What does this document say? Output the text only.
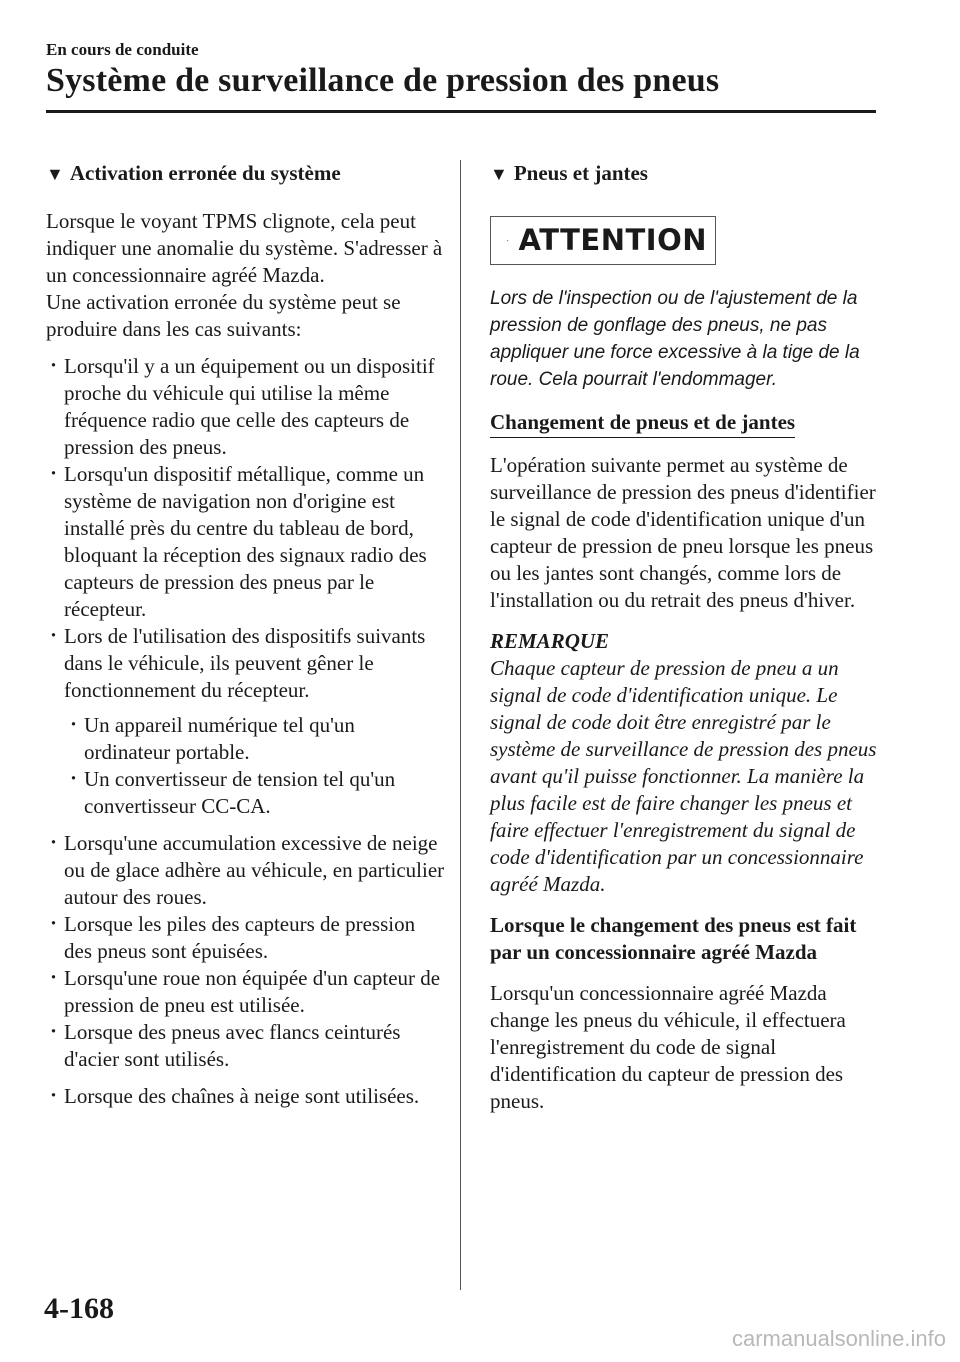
En cours de conduite
Système de surveillance de pression des pneus
▼ Activation erronée du système

Lorsque le voyant TPMS clignote, cela peut indiquer une anomalie du système. S'adresser à un concessionnaire agréé Mazda.

Une activation erronée du système peut se produire dans les cas suivants:

· Lorsqu'il y a un équipement ou un dispositif proche du véhicule qui utilise la même fréquence radio que celle des capteurs de pression des pneus.
· Lorsqu'un dispositif métallique, comme un système de navigation non d'origine est installé près du centre du tableau de bord, bloquant la réception des signaux radio des capteurs de pression des pneus par le récepteur.
· Lors de l'utilisation des dispositifs suivants dans le véhicule, ils peuvent gêner le fonctionnement du récepteur.
· Un appareil numérique tel qu'un ordinateur portable.
· Un convertisseur de tension tel qu'un convertisseur CC-CA.
· Lorsqu'une accumulation excessive de neige ou de glace adhère au véhicule, en particulier autour des roues.
· Lorsque les piles des capteurs de pression des pneus sont épuisées.
· Lorsqu'une roue non équipée d'un capteur de pression de pneu est utilisée.
· Lorsque des pneus avec flancs ceinturés d'acier sont utilisés.
· Lorsque des chaînes à neige sont utilisées.
▼ Pneus et jantes
ATTENTION

Lors de l'inspection ou de l'ajustement de la pression de gonflage des pneus, ne pas appliquer une force excessive à la tige de la roue. Cela pourrait l'endommager.

Changement de pneus et de jantes

L'opération suivante permet au système de surveillance de pression des pneus d'identifier le signal de code d'identification unique d'un capteur de pression de pneu lorsque les pneus ou les jantes sont changés, comme lors de l'installation ou du retrait des pneus d'hiver.

REMARQUE

Chaque capteur de pression de pneu a un signal de code d'identification unique. Le signal de code doit être enregistré par le système de surveillance de pression des pneus avant qu'il puisse fonctionner. La manière la plus facile est de faire changer les pneus et faire effectuer l'enregistrement du signal de code d'identification par un concessionnaire agréé Mazda.

Lorsque le changement des pneus est fait par un concessionnaire agréé Mazda

Lorsqu'un concessionnaire agréé Mazda change les pneus du véhicule, il effectuera l'enregistrement du code de signal d'identification du capteur de pression des pneus.

4-168
carmanualsonline.info
